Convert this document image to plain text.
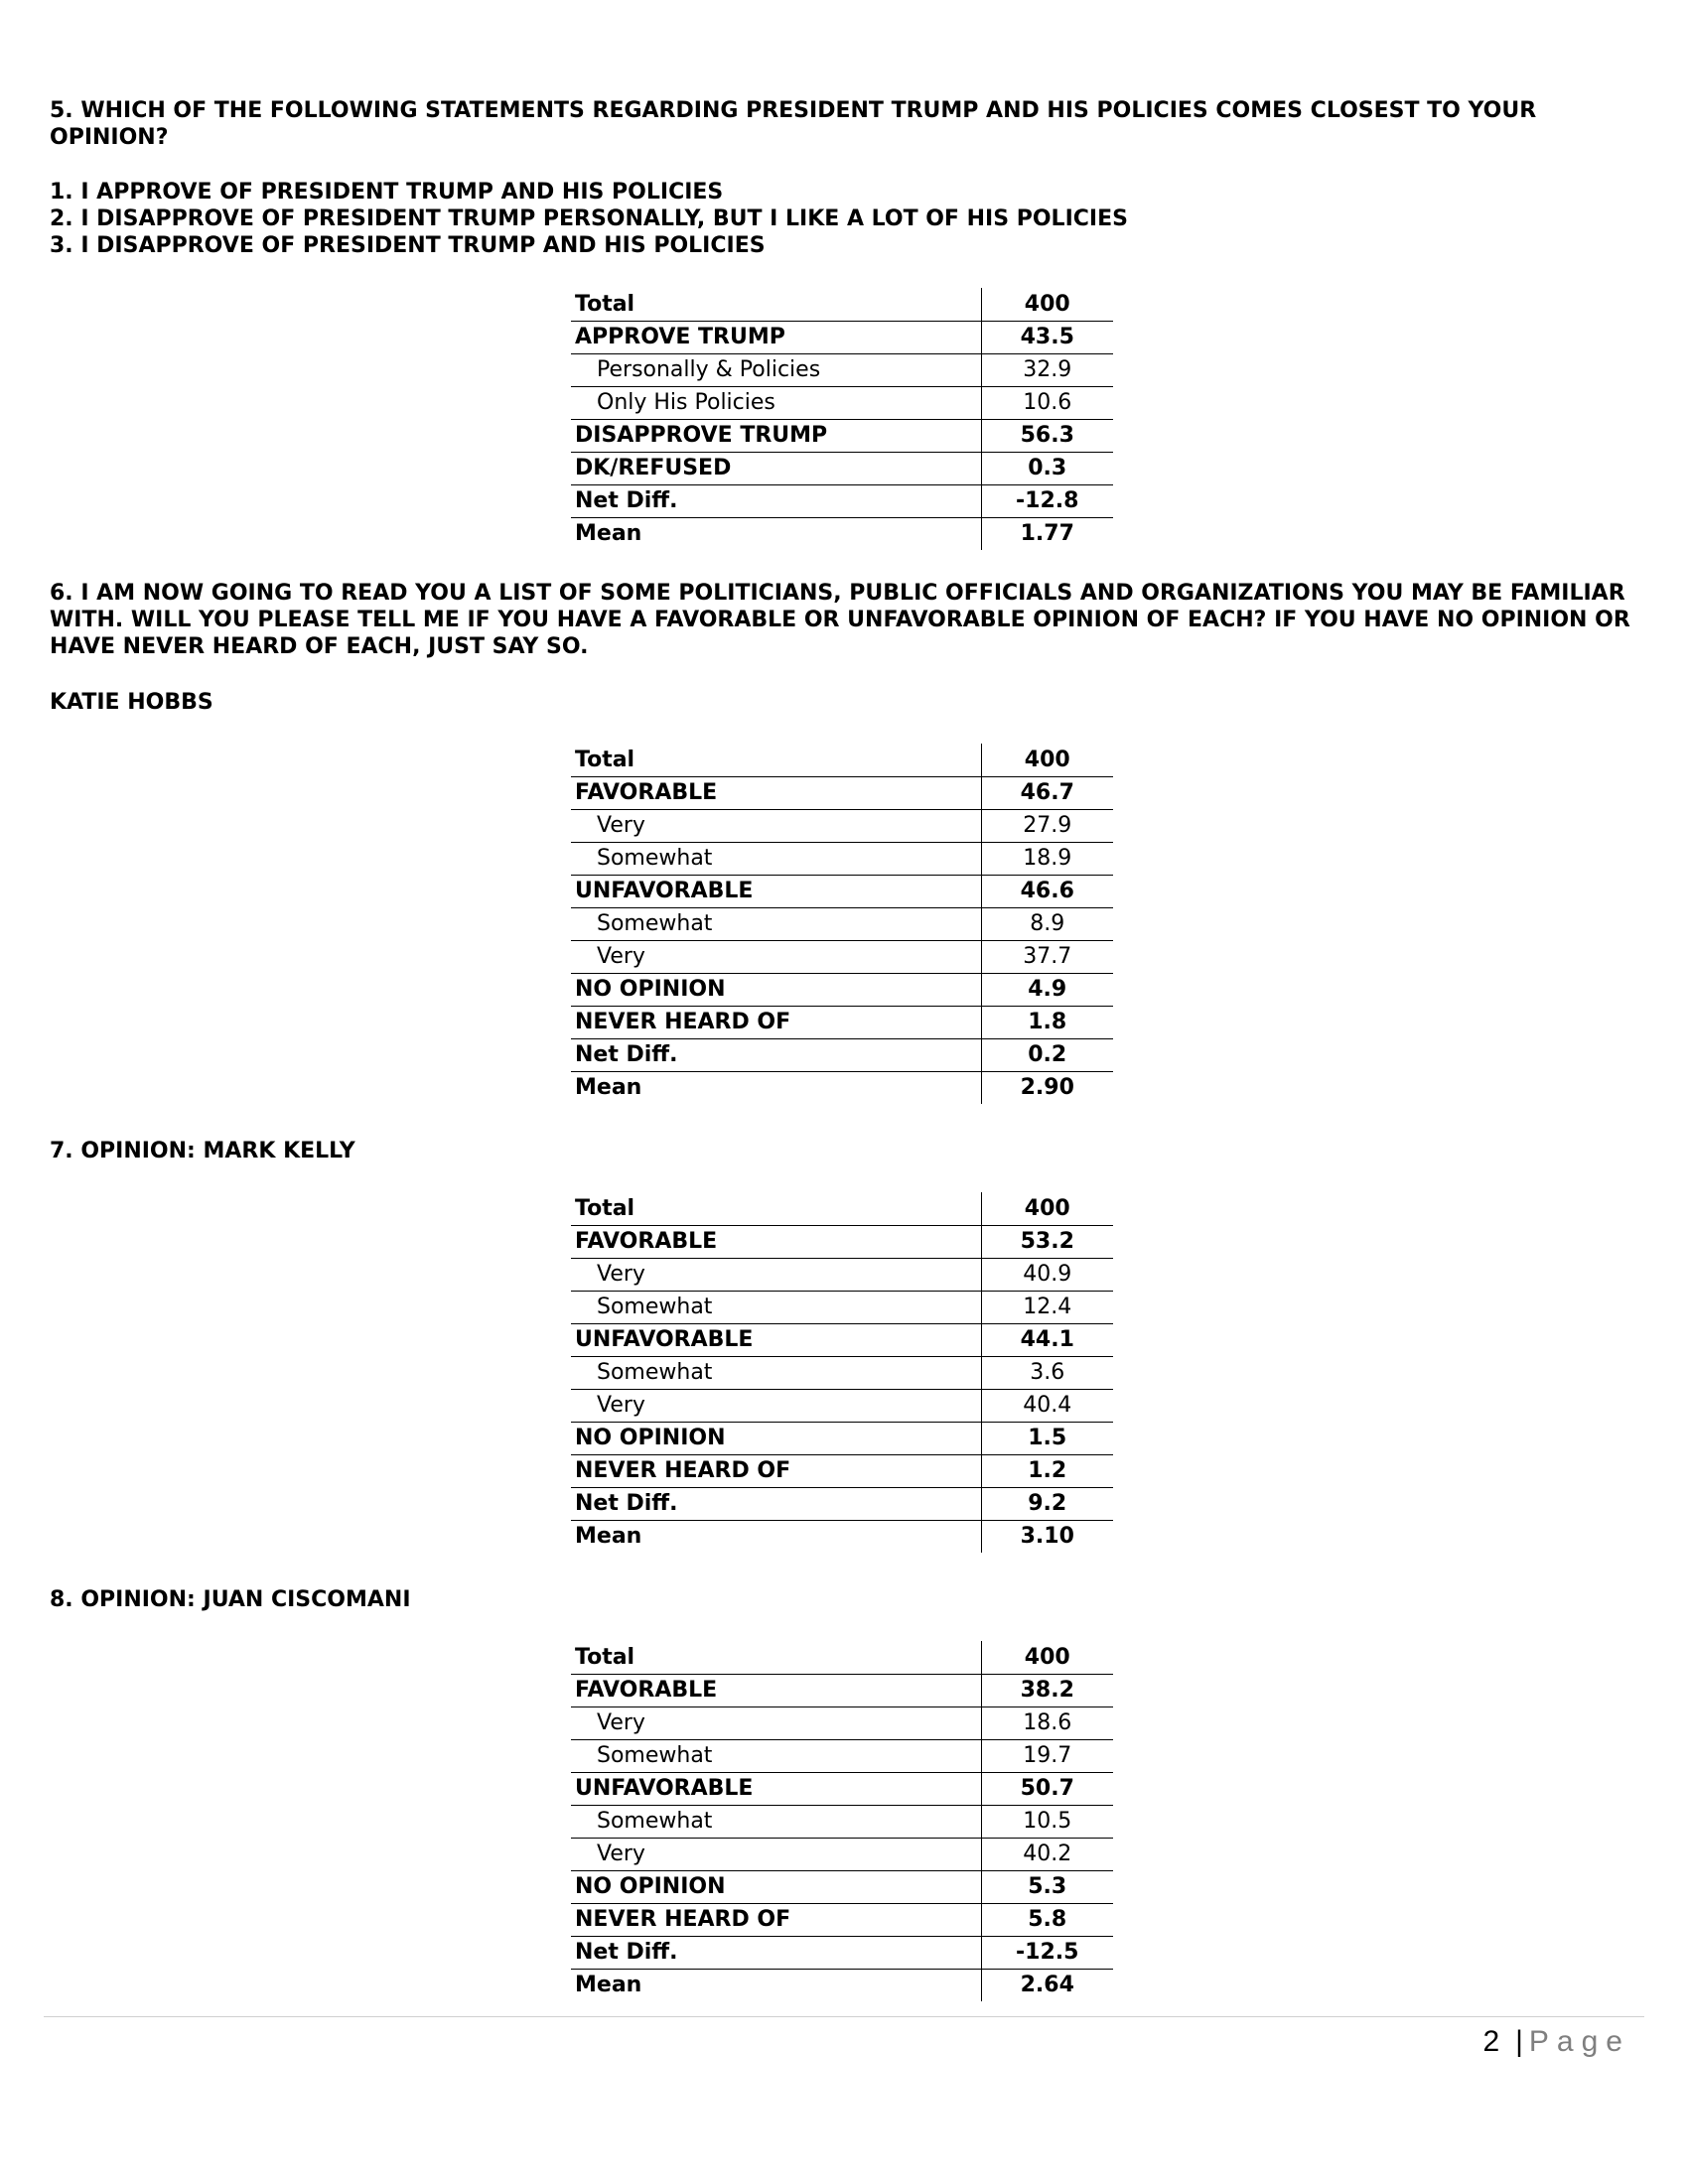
5. WHICH OF THE FOLLOWING STATEMENTS REGARDING PRESIDENT TRUMP AND HIS POLICIES COMES CLOSEST TO YOUR OPINION?

1. I APPROVE OF PRESIDENT TRUMP AND HIS POLICIES

2. I DISAPPROVE OF PRESIDENT TRUMP PERSONALLY, BUT I LIKE A LOT OF HIS POLICIES

3. I DISAPPROVE OF PRESIDENT TRUMP AND HIS POLICIES

Total	400
APPROVE TRUMP	43.5
Personally & Policies	32.9
Only His Policies	10.6
DISAPPROVE TRUMP	56.3
DK/REFUSED	0.3
Net Diff.	-12.8
Mean	1.77

6. I AM NOW GOING TO READ YOU A LIST OF SOME POLITICIANS, PUBLIC OFFICIALS AND ORGANIZATIONS YOU MAY BE FAMILIAR WITH. WILL YOU PLEASE TELL ME IF YOU HAVE A FAVORABLE OR UNFAVORABLE OPINION OF EACH? IF YOU HAVE NO OPINION OR HAVE NEVER HEARD OF EACH, JUST SAY SO.

KATIE HOBBS

Total	400
FAVORABLE	46.7
Very	27.9
Somewhat	18.9
UNFAVORABLE	46.6
Somewhat	8.9
Very	37.7
NO OPINION	4.9
NEVER HEARD OF	1.8
Net Diff.	0.2
Mean	2.90

7. OPINION: MARK KELLY

Total	400
FAVORABLE	53.2
Very	40.9
Somewhat	12.4
UNFAVORABLE	44.1
Somewhat	3.6
Very	40.4
NO OPINION	1.5
NEVER HEARD OF	1.2
Net Diff.	9.2
Mean	3.10

8. OPINION: JUAN CISCOMANI

Total	400
FAVORABLE	38.2
Very	18.6
Somewhat	19.7
UNFAVORABLE	50.7
Somewhat	10.5
Very	40.2
NO OPINION	5.3
NEVER HEARD OF	5.8
Net Diff.	-12.5
Mean	2.64
2 | Page
